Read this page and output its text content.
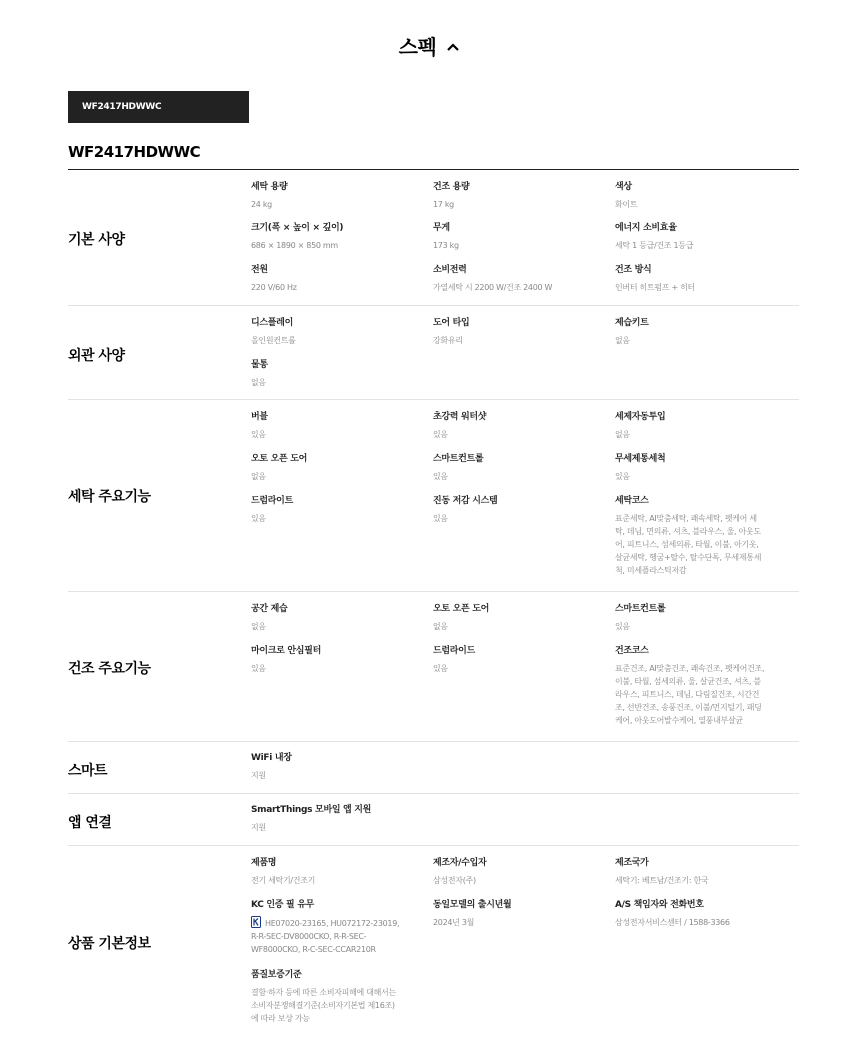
스펙
WF2417HDWWC
WF2417HDWWC
기본 사양
세탁 용량
24 kg
건조 용량
17 kg
색상
화이트
크기(폭 × 높이 × 깊이)
686 × 1890 × 850 mm
무게
173 kg
에너지 소비효율
세탁 1 등급/건조 1등급
전원
220 V/60 Hz
소비전력
가열세탁 시 2200 W/건조 2400 W
건조 방식
인버터 히트펌프 + 히터
외관 사양
디스플레이
올인원컨트롤
도어 타입
강화유리
제습키트
없음
물통
없음
세탁 주요기능
버블
있음
초강력 워터샷
있음
세제자동투입
없음
오토 오픈 도어
없음
스마트컨트롤
있음
무세제통세척
있음
드럼라이트
있음
진동 저감 시스템
있음
세탁코스
표준세탁, AI맞춤세탁, 쾌속세탁, 펫케어 세탁, 데님, 면의류, 셔츠, 블라우스, 울, 아웃도어, 피트니스, 섬세의류, 타월, 이불, 아기옷, 살균세탁, 헹굼+탈수, 탈수단독, 무세제통세척, 미세플라스틱저감
건조 주요기능
공간 제습
없음
오토 오픈 도어
없음
스마트컨트롤
있음
마이크로 안심필터
있음
드럼라이드
있음
건조코스
표준건조, AI맞춤건조, 쾌속건조, 펫케어건조, 이불, 타월, 섬세의류, 울, 살균건조, 셔츠, 블라우스, 피트니스, 데님, 다림질건조, 시간건조, 선반건조, 송풍건조, 이불/먼지털기, 패딩케어, 아웃도어발수케어, 열풍내부살균
스마트
WiFi 내장
지원
앱 연결
SmartThings 모바일 앱 지원
지원
상품 기본정보
제품명
전기 세탁기/건조기
제조자/수입자
삼성전자(주)
제조국가
세탁기: 베트남/건조기: 한국
KC 인증 필 유무
HE07020-23165, HU072172-23019, R-R-SEC-DV8000CKO, R-R-SEC-WF8000CKO, R-C-SEC-CCAR210R
동일모델의 출시년월
2024년 3월
A/S 책임자와 전화번호
삼성전자서비스센터 / 1588-3366
품질보증기준
결함·하자 등에 따른 소비자피해에 대해서는 소비자분쟁해결기준(소비자기본법 제16조)에 따라 보상 가능
